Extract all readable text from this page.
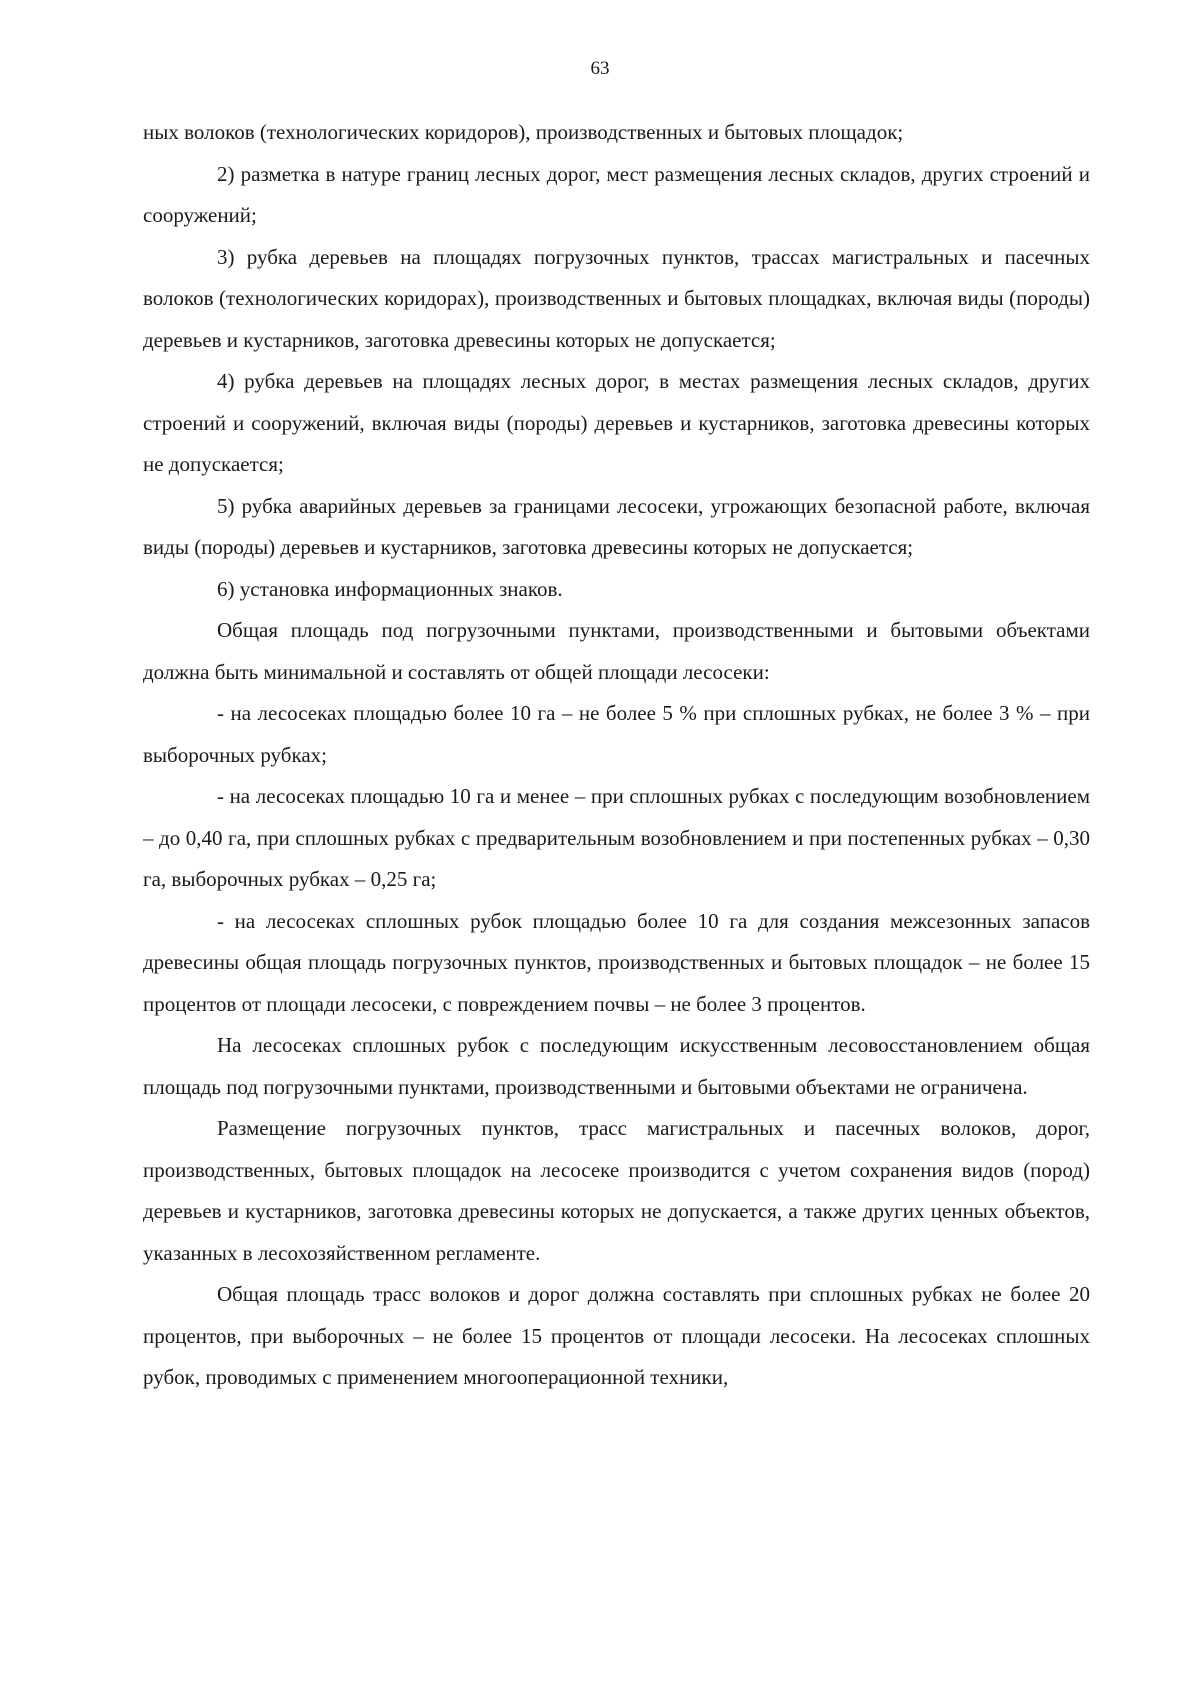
63

ных волоков (технологических коридоров), производственных и бытовых площадок;

2) разметка в натуре границ лесных дорог, мест размещения лесных складов, других строений и сооружений;

3) рубка деревьев на площадях погрузочных пунктов, трассах магистральных и пасечных волоков (технологических коридорах), производственных и бытовых площадках, включая виды (породы) деревьев и кустарников, заготовка древесины которых не допускается;

4) рубка деревьев на площадях лесных дорог, в местах размещения лесных складов, других строений и сооружений, включая виды (породы) деревьев и кустарников, заготовка древесины которых не допускается;

5) рубка аварийных деревьев за границами лесосеки, угрожающих безопасной работе, включая виды (породы) деревьев и кустарников, заготовка древесины которых не допускается;

6) установка информационных знаков.

Общая площадь под погрузочными пунктами, производственными и бытовыми объектами должна быть минимальной и составлять от общей площади лесосеки:

- на лесосеках площадью более 10 га – не более 5 % при сплошных рубках, не более 3 % – при выборочных рубках;

- на лесосеках площадью 10 га и менее – при сплошных рубках с последующим возобновлением – до 0,40 га, при сплошных рубках с предварительным возобновлением и при постепенных рубках – 0,30 га, выборочных рубках – 0,25 га;

- на лесосеках сплошных рубок площадью более 10 га для создания межсезонных запасов древесины общая площадь погрузочных пунктов, производственных и бытовых площадок – не более 15 процентов от площади лесосеки, с повреждением почвы – не более 3 процентов.

На лесосеках сплошных рубок с последующим искусственным лесовосстановлением общая площадь под погрузочными пунктами, производственными и бытовыми объектами не ограничена.

Размещение погрузочных пунктов, трасс магистральных и пасечных волоков, дорог, производственных, бытовых площадок на лесосеке производится с учетом сохранения видов (пород) деревьев и кустарников, заготовка древесины которых не допускается, а также других ценных объектов, указанных в лесохозяйственном регламенте.

Общая площадь трасс волоков и дорог должна составлять при сплошных рубках не более 20 процентов, при выборочных – не более 15 процентов от площади лесосеки. На лесосеках сплошных рубок, проводимых с применением многооперационной техники,
